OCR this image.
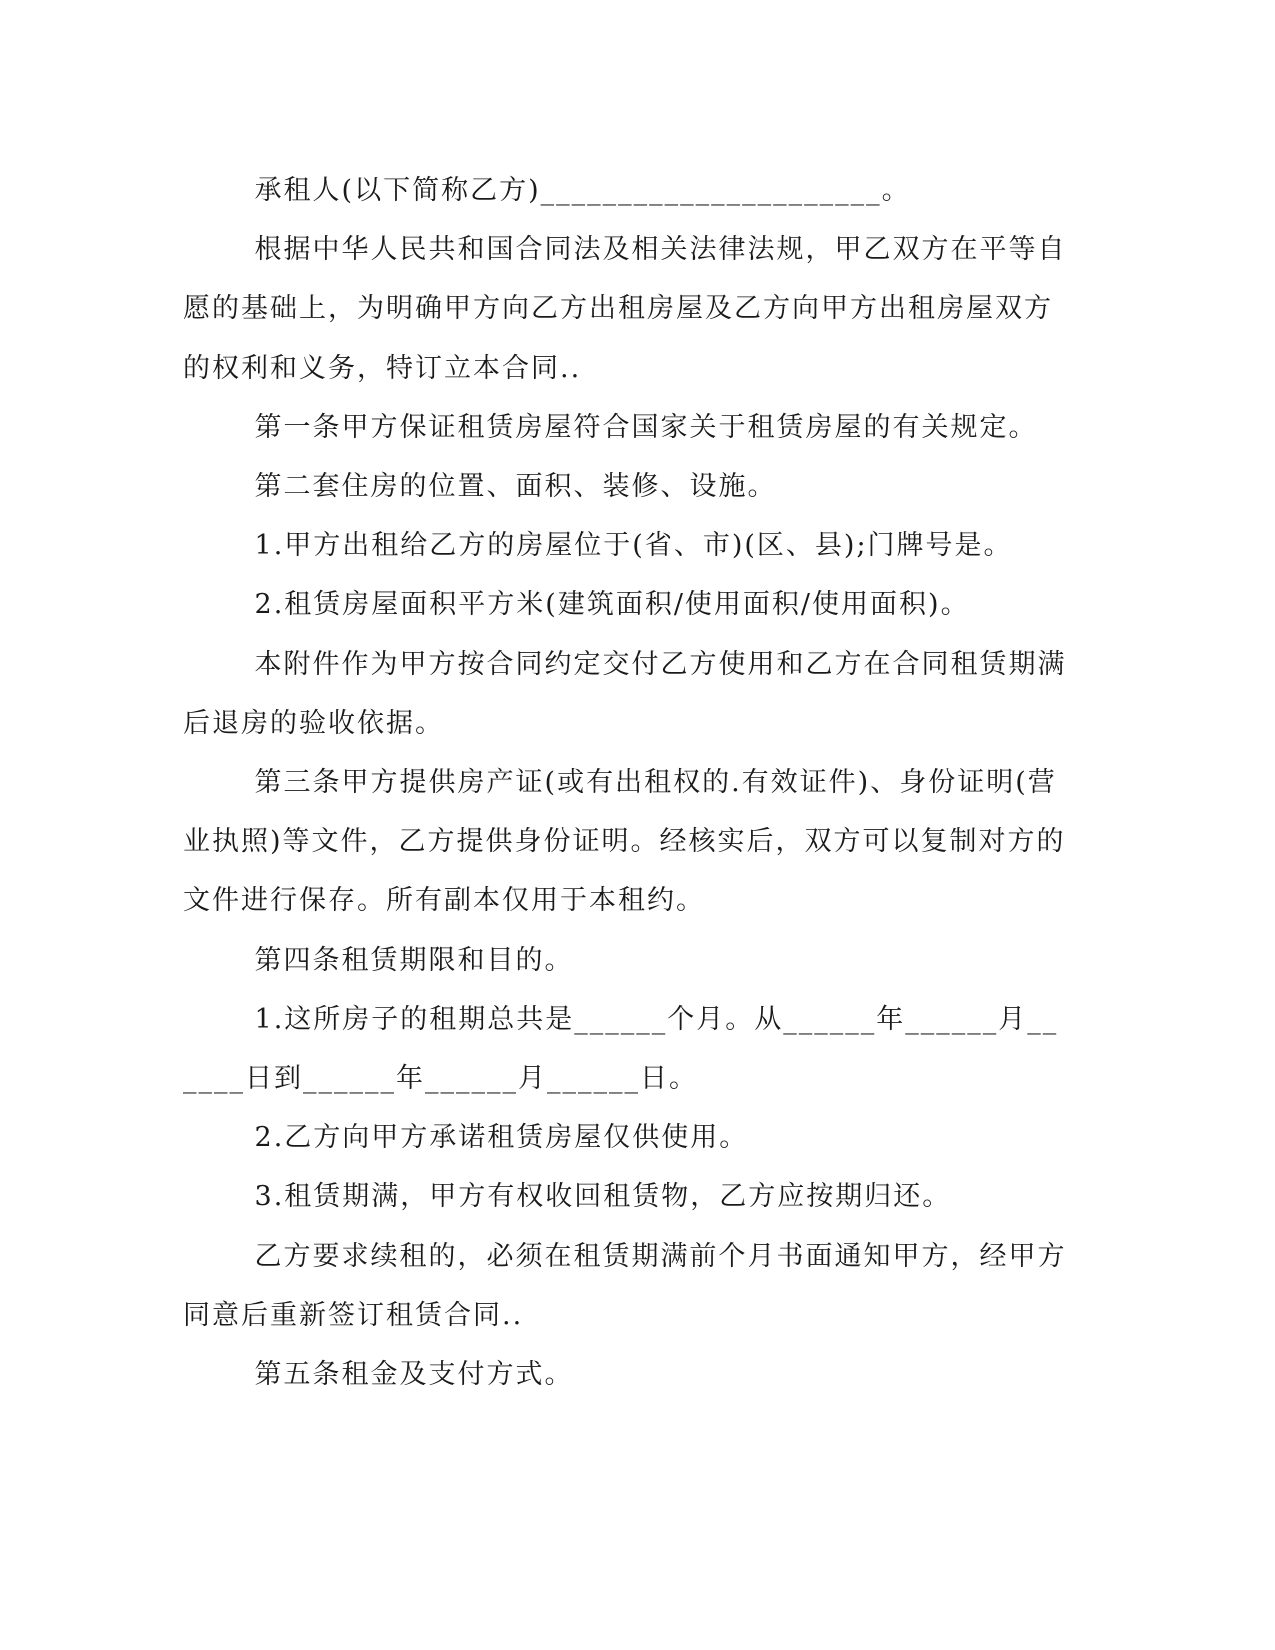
承租人(以下简称乙方)______________________。

根据中华人民共和国合同法及相关法律法规，甲乙双方在平等自愿的基础上，为明确甲方向乙方出租房屋及乙方向甲方出租房屋双方的权利和义务，特订立本合同..

第一条甲方保证租赁房屋符合国家关于租赁房屋的有关规定。

第二套住房的位置、面积、装修、设施。

1.甲方出租给乙方的房屋位于(省、市)(区、县);门牌号是。

2.租赁房屋面积平方米(建筑面积/使用面积/使用面积)。

本附件作为甲方按合同约定交付乙方使用和乙方在合同租赁期满后退房的验收依据。

第三条甲方提供房产证(或有出租权的.有效证件)、身份证明(营业执照)等文件，乙方提供身份证明。经核实后，双方可以复制对方的文件进行保存。所有副本仅用于本租约。

第四条租赁期限和目的。

1.这所房子的租期总共是______个月。从______年______月______日到______年______月______日。

2.乙方向甲方承诺租赁房屋仅供使用。

3.租赁期满，甲方有权收回租赁物，乙方应按期归还。

乙方要求续租的，必须在租赁期满前个月书面通知甲方，经甲方同意后重新签订租赁合同..

第五条租金及支付方式。
